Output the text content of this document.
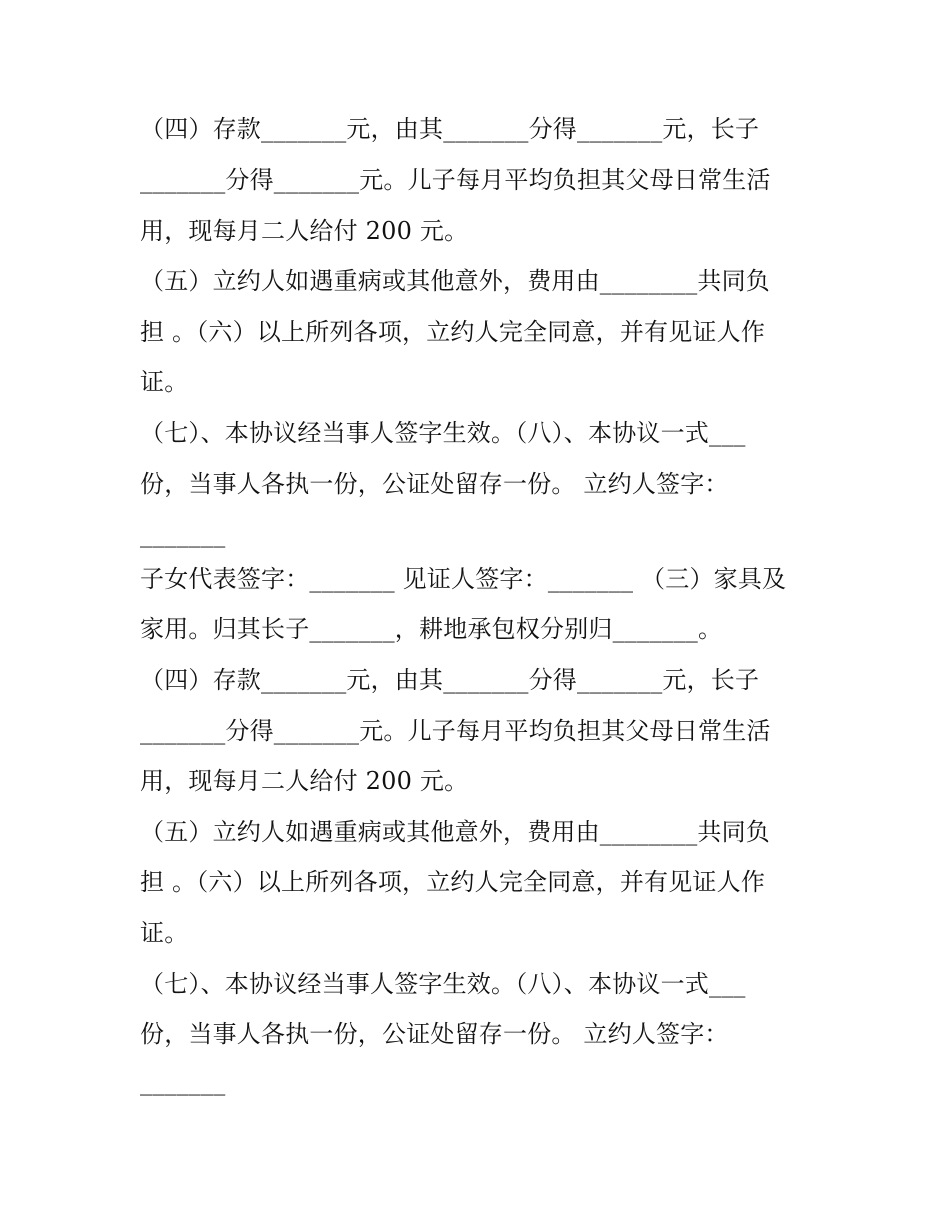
（四）存款_______元，由其_______分得_______元，长子
_______分得_______元。儿子每月平均负担其父母日常生活
用，现每月二人给付 200 元。
（五）立约人如遇重病或其他意外，费用由________共同负
担 。（六）以上所列各项，立约人完全同意，并有见证人作
证。
（七）、本协议经当事人签字生效。（八）、本协议一式___
份，当事人各执一份，公证处留存一份。 立约人签字：
_______
子女代表签字：_______ 见证人签字：_______ （三）家具及
家用。归其长子_______，耕地承包权分别归_______。
（四）存款_______元，由其_______分得_______元，长子
_______分得_______元。儿子每月平均负担其父母日常生活
用，现每月二人给付 200 元。
（五）立约人如遇重病或其他意外，费用由________共同负
担 。（六）以上所列各项，立约人完全同意，并有见证人作
证。
（七）、本协议经当事人签字生效。（八）、本协议一式___
份，当事人各执一份，公证处留存一份。 立约人签字：
_______
